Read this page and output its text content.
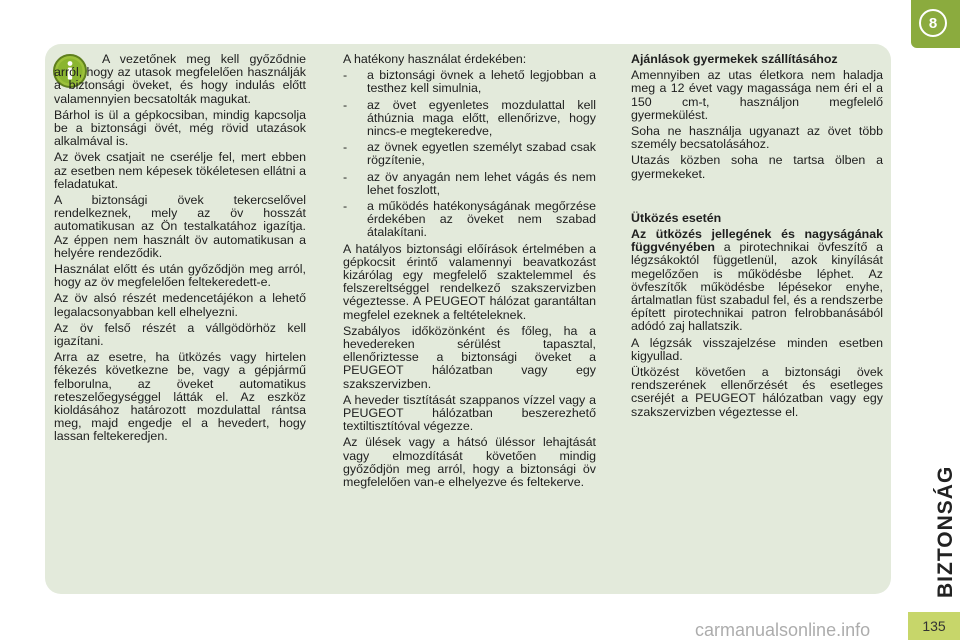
A vezetőnek meg kell győződnie arról, hogy az utasok megfelelően használják a biztonsági öveket, és hogy indulás előtt valamennyien becsatolták magukat.

Bárhol is ül a gépkocsiban, mindig kapcsolja be a biztonsági övét, még rövid utazások alkalmával is.

Az övek csatjait ne cserélje fel, mert ebben az esetben nem képesek tökéletesen ellátni a feladatukat.

A biztonsági övek tekercselővel rendelkeznek, mely az öv hosszát automatikusan az Ön testalkatához igazítja. Az éppen nem használt öv automatikusan a helyére rendeződik.

Használat előtt és után győződjön meg arról, hogy az öv megfelelően feltekeredett-e.

Az öv alsó részét medencetájékon a lehető legalacsonyabban kell elhelyezni.

Az öv felső részét a vállgödörhöz kell igazítani.

Arra az esetre, ha ütközés vagy hirtelen fékezés következne be, vagy a gépjármű felborulna, az öveket automatikus reteszelőegységgel látták el. Az eszköz kioldásához határozott mozdulattal rántsa meg, majd engedje el a hevedert, hogy lassan feltekeredjen.

A hatékony használat érdekében:

-	a biztonsági övnek a lehető legjobban a testhez kell simulnia,
-	az övet egyenletes mozdulattal kell áthúznia maga előtt, ellenőrizve, hogy nincs-e megtekeredve,
-	az övnek egyetlen személyt szabad csak rögzítenie,
-	az öv anyagán nem lehet vágás és nem lehet foszlott,
-	a működés hatékonyságának megőrzése érdekében az öveket nem szabad átalakítani.

A hatályos biztonsági előírások értelmében a gépkocsit érintő valamennyi beavatkozást kizárólag egy megfelelő szaktelemmel és felszereltséggel rendelkező szakszervizben végeztesse. A PEUGEOT hálózat garantáltan megfelel ezeknek a feltételeknek.

Szabályos időközönként és főleg, ha a hevedereken sérülést tapasztal, ellenőriztesse a biztonsági öveket a PEUGEOT hálózatban vagy egy szakszervizben.

A heveder tisztítását szappanos vízzel vagy a PEUGEOT hálózatban beszerezhető textiltisztítóval végezze.

Az ülések vagy a hátsó üléssor lehajtását vagy elmozdítását követően mindig győződjön meg arról, hogy a biztonsági öv megfelelően van-e elhelyezve és feltekerve.

Ajánlások gyermekek szállításához

Amennyiben az utas életkora nem haladja meg a 12 évet vagy magassága nem éri el a 150 cm-t, használjon megfelelő gyermekülést.

Soha ne használja ugyanazt az övet több személy becsatolásához.

Utazás közben soha ne tartsa ölben a gyermekeket.

Ütközés esetén

Az ütközés jellegének és nagyságának függvényében a pirotechnikai övfeszítő a légzsákoktól függetlenül, azok kinyílását megelőzően is működésbe léphet. Az övfeszítők működésbe lépésekor enyhe, ártalmatlan füst szabadul fel, és a rendszerbe épített pirotechnikai patron felrobbanásából adódó zaj hallatszik.

A légzsák visszajelzése minden esetben kigyullad.

Ütközést követően a biztonsági övek rendszerének ellenőrzését és esetleges cseréjét a PEUGEOT hálózatban vagy egy szakszervizben végeztesse el.

8
BIZTONSÁG
135
carmanualsonline.info
